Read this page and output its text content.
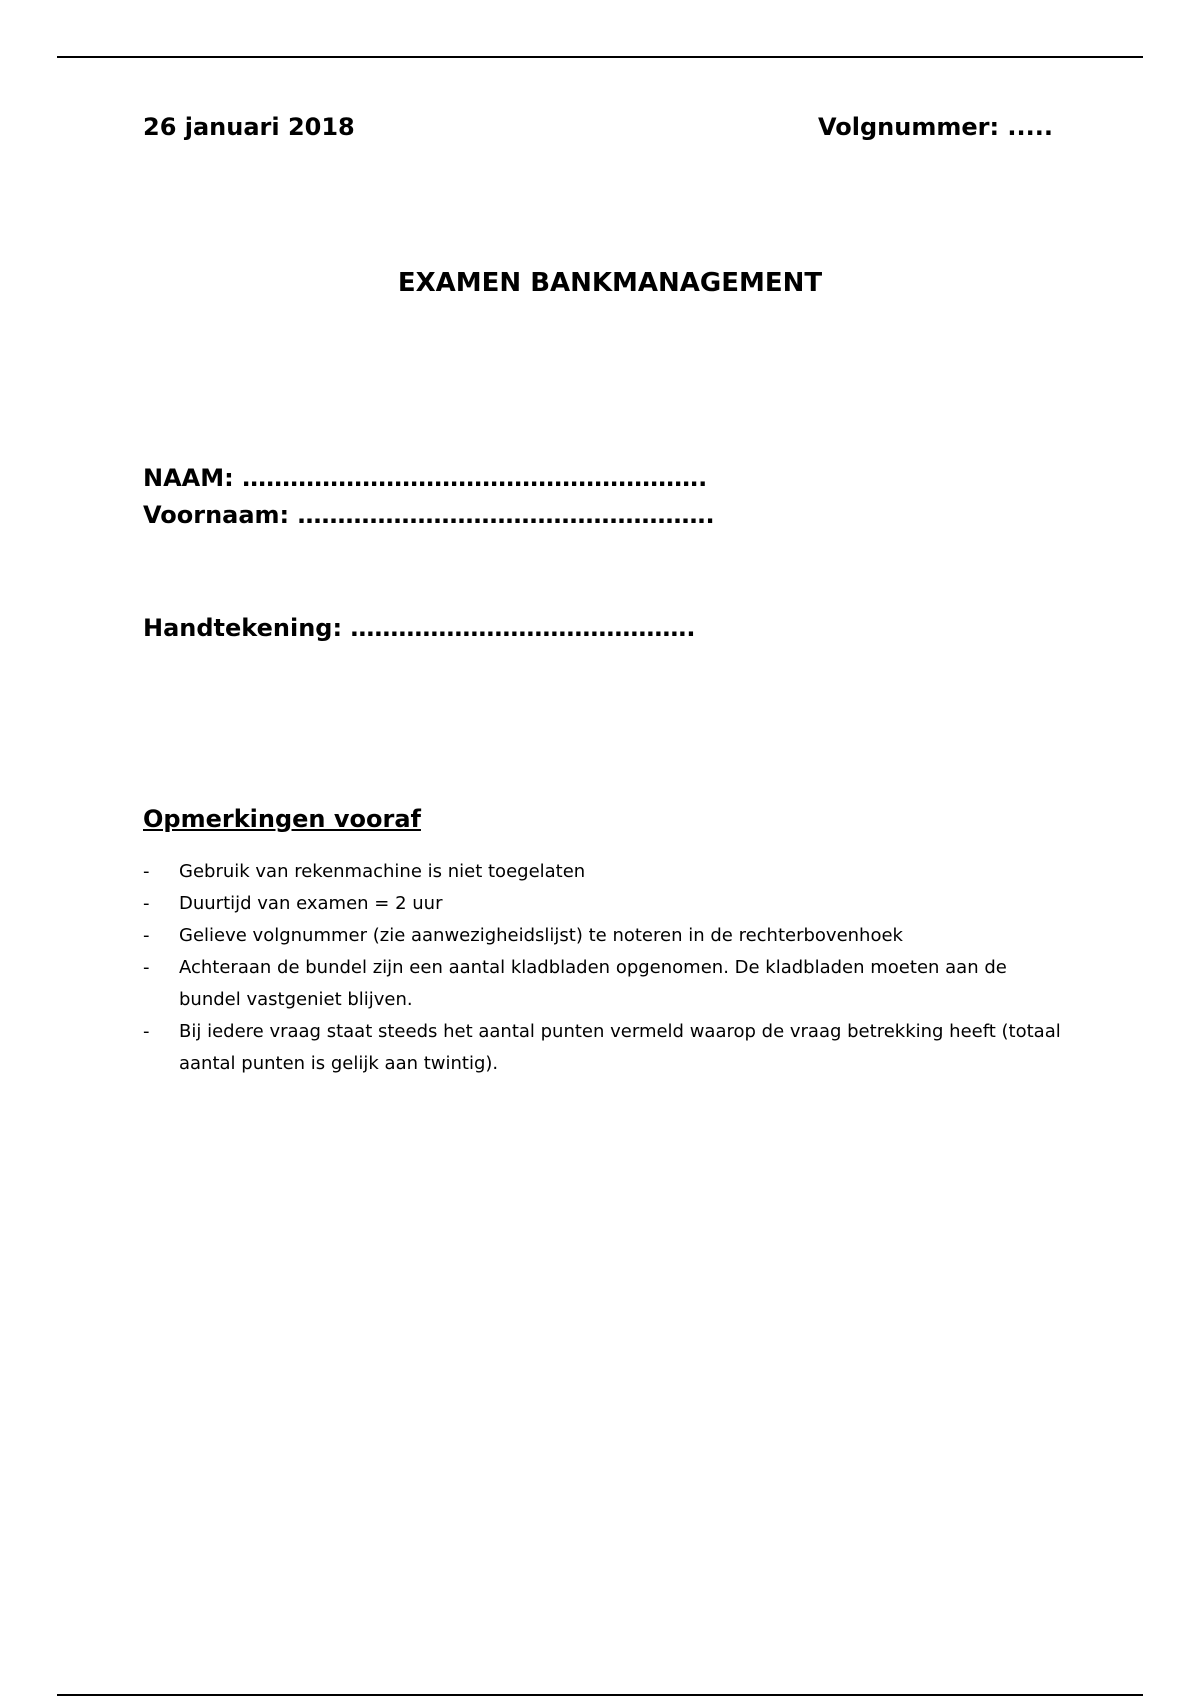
26 januari 2018	Volgnummer: .....
EXAMEN BANKMANAGEMENT
NAAM: ………………………………………………….
Voornaam: …………………………………………….
Handtekening: …………………………………….
Opmerkingen vooraf
- Gebruik van rekenmachine is niet toegelaten
- Duurtijd van examen = 2 uur
- Gelieve volgnummer (zie aanwezigheidslijst) te noteren in de rechterbovenhoek
- Achteraan de bundel zijn een aantal kladbladen opgenomen. De kladbladen moeten aan de bundel vastgeniet blijven.
- Bij iedere vraag staat steeds het aantal punten vermeld waarop de vraag betrekking heeft (totaal aantal punten is gelijk aan twintig).
